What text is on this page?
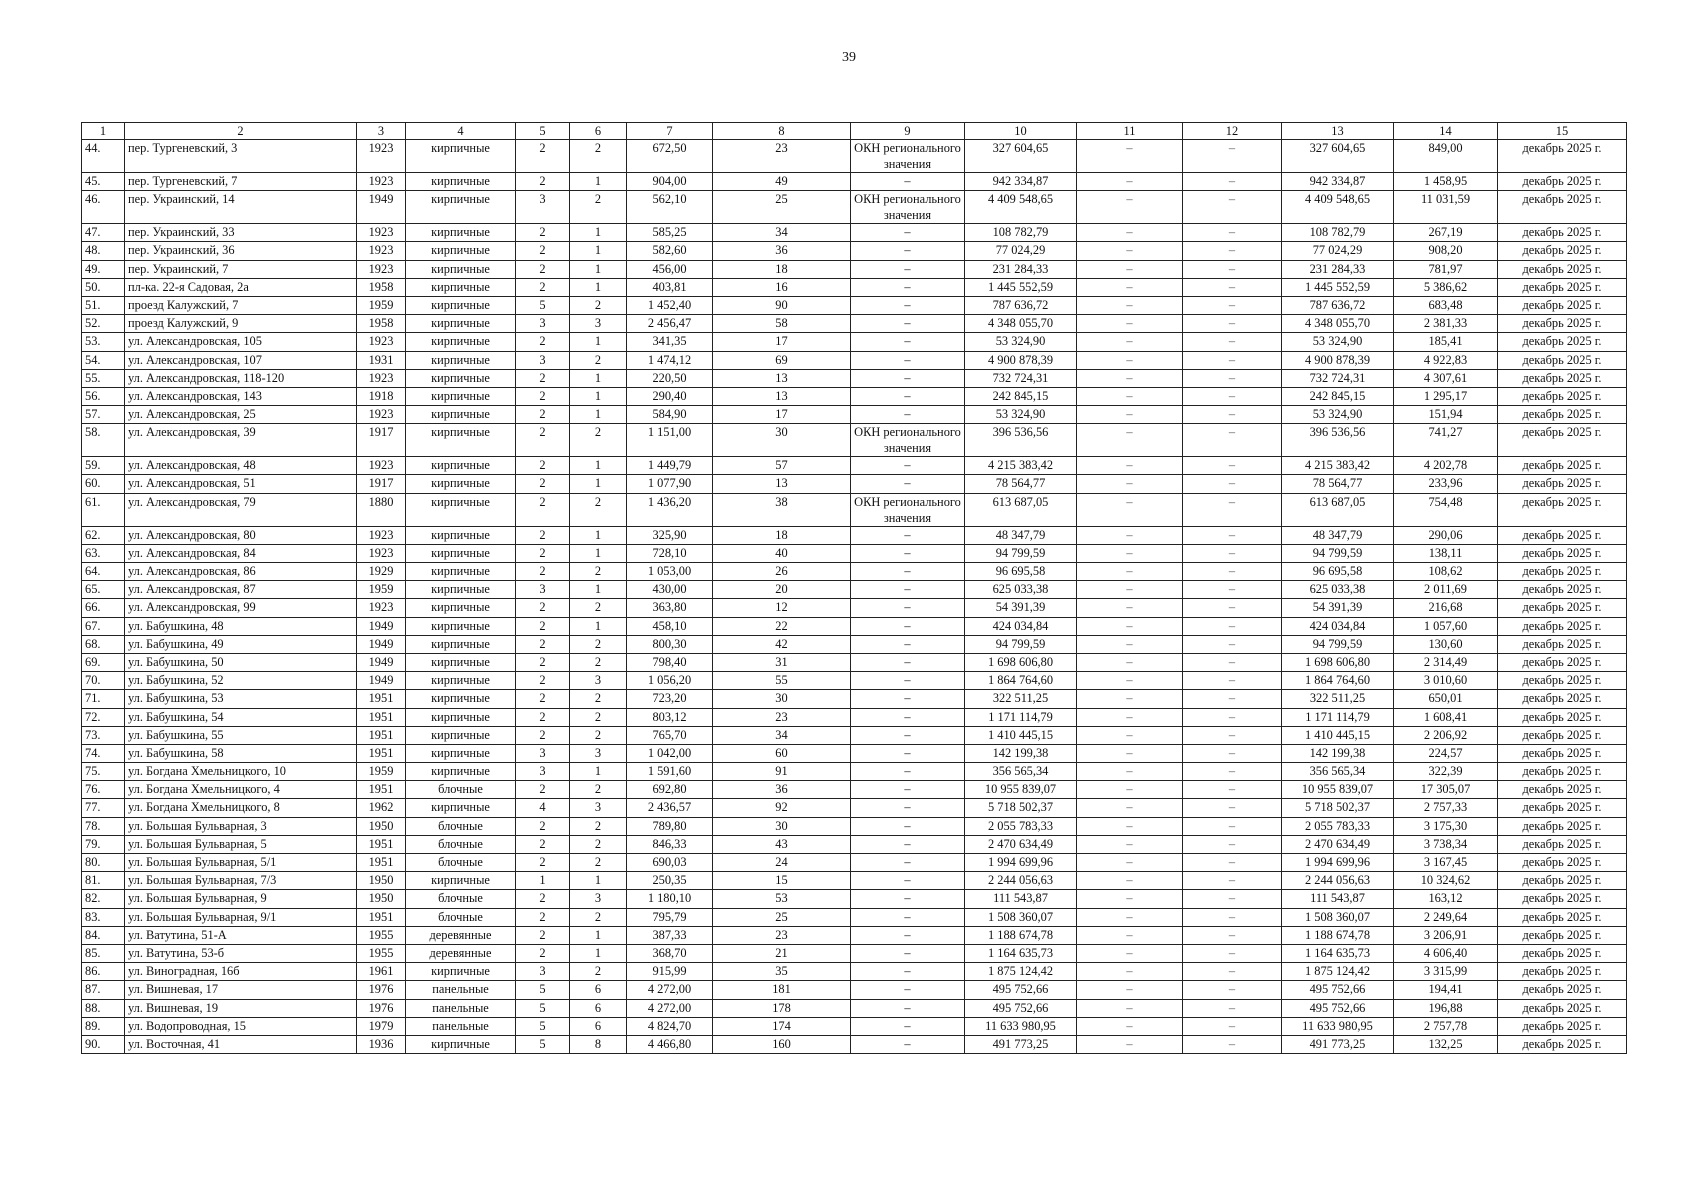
39
1	2	3	4	5	6	7	8	9	10	11	12	13	14	15
44.	пер. Тургеневский, 3	1923	кирпичные	2	2	672,50	23	ОКН регионального значения	327 604,65	–	–	327 604,65	849,00	декабрь 2025 г.
45.	пер. Тургеневский, 7	1923	кирпичные	2	1	904,00	49	–	942 334,87	–	–	942 334,87	1 458,95	декабрь 2025 г.
46.	пер. Украинский, 14	1949	кирпичные	3	2	562,10	25	ОКН регионального значения	4 409 548,65	–	–	4 409 548,65	11 031,59	декабрь 2025 г.
47.	пер. Украинский, 33	1923	кирпичные	2	1	585,25	34	–	108 782,79	–	–	108 782,79	267,19	декабрь 2025 г.
48.	пер. Украинский, 36	1923	кирпичные	2	1	582,60	36	–	77 024,29	–	–	77 024,29	908,20	декабрь 2025 г.
49.	пер. Украинский, 7	1923	кирпичные	2	1	456,00	18	–	231 284,33	–	–	231 284,33	781,97	декабрь 2025 г.
50.	пл-ка. 22-я Садовая, 2а	1958	кирпичные	2	1	403,81	16	–	1 445 552,59	–	–	1 445 552,59	5 386,62	декабрь 2025 г.
51.	проезд Калужский, 7	1959	кирпичные	5	2	1 452,40	90	–	787 636,72	–	–	787 636,72	683,48	декабрь 2025 г.
52.	проезд Калужский, 9	1958	кирпичные	3	3	2 456,47	58	–	4 348 055,70	–	–	4 348 055,70	2 381,33	декабрь 2025 г.
53.	ул. Александровская, 105	1923	кирпичные	2	1	341,35	17	–	53 324,90	–	–	53 324,90	185,41	декабрь 2025 г.
54.	ул. Александровская, 107	1931	кирпичные	3	2	1 474,12	69	–	4 900 878,39	–	–	4 900 878,39	4 922,83	декабрь 2025 г.
55.	ул. Александровская, 118-120	1923	кирпичные	2	1	220,50	13	–	732 724,31	–	–	732 724,31	4 307,61	декабрь 2025 г.
56.	ул. Александровская, 143	1918	кирпичные	2	1	290,40	13	–	242 845,15	–	–	242 845,15	1 295,17	декабрь 2025 г.
57.	ул. Александровская, 25	1923	кирпичные	2	1	584,90	17	–	53 324,90	–	–	53 324,90	151,94	декабрь 2025 г.
58.	ул. Александровская, 39	1917	кирпичные	2	2	1 151,00	30	ОКН регионального значения	396 536,56	–	–	396 536,56	741,27	декабрь 2025 г.
59.	ул. Александровская, 48	1923	кирпичные	2	1	1 449,79	57	–	4 215 383,42	–	–	4 215 383,42	4 202,78	декабрь 2025 г.
60.	ул. Александровская, 51	1917	кирпичные	2	1	1 077,90	13	–	78 564,77	–	–	78 564,77	233,96	декабрь 2025 г.
61.	ул. Александровская, 79	1880	кирпичные	2	2	1 436,20	38	ОКН регионального значения	613 687,05	–	–	613 687,05	754,48	декабрь 2025 г.
62.	ул. Александровская, 80	1923	кирпичные	2	1	325,90	18	–	48 347,79	–	–	48 347,79	290,06	декабрь 2025 г.
63.	ул. Александровская, 84	1923	кирпичные	2	1	728,10	40	–	94 799,59	–	–	94 799,59	138,11	декабрь 2025 г.
64.	ул. Александровская, 86	1929	кирпичные	2	2	1 053,00	26	–	96 695,58	–	–	96 695,58	108,62	декабрь 2025 г.
65.	ул. Александровская, 87	1959	кирпичные	3	1	430,00	20	–	625 033,38	–	–	625 033,38	2 011,69	декабрь 2025 г.
66.	ул. Александровская, 99	1923	кирпичные	2	2	363,80	12	–	54 391,39	–	–	54 391,39	216,68	декабрь 2025 г.
67.	ул. Бабушкина, 48	1949	кирпичные	2	1	458,10	22	–	424 034,84	–	–	424 034,84	1 057,60	декабрь 2025 г.
68.	ул. Бабушкина, 49	1949	кирпичные	2	2	800,30	42	–	94 799,59	–	–	94 799,59	130,60	декабрь 2025 г.
69.	ул. Бабушкина, 50	1949	кирпичные	2	2	798,40	31	–	1 698 606,80	–	–	1 698 606,80	2 314,49	декабрь 2025 г.
70.	ул. Бабушкина, 52	1949	кирпичные	2	3	1 056,20	55	–	1 864 764,60	–	–	1 864 764,60	3 010,60	декабрь 2025 г.
71.	ул. Бабушкина, 53	1951	кирпичные	2	2	723,20	30	–	322 511,25	–	–	322 511,25	650,01	декабрь 2025 г.
72.	ул. Бабушкина, 54	1951	кирпичные	2	2	803,12	23	–	1 171 114,79	–	–	1 171 114,79	1 608,41	декабрь 2025 г.
73.	ул. Бабушкина, 55	1951	кирпичные	2	2	765,70	34	–	1 410 445,15	–	–	1 410 445,15	2 206,92	декабрь 2025 г.
74.	ул. Бабушкина, 58	1951	кирпичные	3	3	1 042,00	60	–	142 199,38	–	–	142 199,38	224,57	декабрь 2025 г.
75.	ул. Богдана Хмельницкого, 10	1959	кирпичные	3	1	1 591,60	91	–	356 565,34	–	–	356 565,34	322,39	декабрь 2025 г.
76.	ул. Богдана Хмельницкого, 4	1951	блочные	2	2	692,80	36	–	10 955 839,07	–	–	10 955 839,07	17 305,07	декабрь 2025 г.
77.	ул. Богдана Хмельницкого, 8	1962	кирпичные	4	3	2 436,57	92	–	5 718 502,37	–	–	5 718 502,37	2 757,33	декабрь 2025 г.
78.	ул. Большая Бульварная, 3	1950	блочные	2	2	789,80	30	–	2 055 783,33	–	–	2 055 783,33	3 175,30	декабрь 2025 г.
79.	ул. Большая Бульварная, 5	1951	блочные	2	2	846,33	43	–	2 470 634,49	–	–	2 470 634,49	3 738,34	декабрь 2025 г.
80.	ул. Большая Бульварная, 5/1	1951	блочные	2	2	690,03	24	–	1 994 699,96	–	–	1 994 699,96	3 167,45	декабрь 2025 г.
81.	ул. Большая Бульварная, 7/3	1950	кирпичные	1	1	250,35	15	–	2 244 056,63	–	–	2 244 056,63	10 324,62	декабрь 2025 г.
82.	ул. Большая Бульварная, 9	1950	блочные	2	3	1 180,10	53	–	111 543,87	–	–	111 543,87	163,12	декабрь 2025 г.
83.	ул. Большая Бульварная, 9/1	1951	блочные	2	2	795,79	25	–	1 508 360,07	–	–	1 508 360,07	2 249,64	декабрь 2025 г.
84.	ул. Ватутина, 51-А	1955	деревянные	2	1	387,33	23	–	1 188 674,78	–	–	1 188 674,78	3 206,91	декабрь 2025 г.
85.	ул. Ватутина, 53-б	1955	деревянные	2	1	368,70	21	–	1 164 635,73	–	–	1 164 635,73	4 606,40	декабрь 2025 г.
86.	ул. Виноградная, 16б	1961	кирпичные	3	2	915,99	35	–	1 875 124,42	–	–	1 875 124,42	3 315,99	декабрь 2025 г.
87.	ул. Вишневая, 17	1976	панельные	5	6	4 272,00	181	–	495 752,66	–	–	495 752,66	194,41	декабрь 2025 г.
88.	ул. Вишневая, 19	1976	панельные	5	6	4 272,00	178	–	495 752,66	–	–	495 752,66	196,88	декабрь 2025 г.
89.	ул. Водопроводная, 15	1979	панельные	5	6	4 824,70	174	–	11 633 980,95	–	–	11 633 980,95	2 757,78	декабрь 2025 г.
90.	ул. Восточная, 41	1936	кирпичные	5	8	4 466,80	160	–	491 773,25	–	–	491 773,25	132,25	декабрь 2025 г.
